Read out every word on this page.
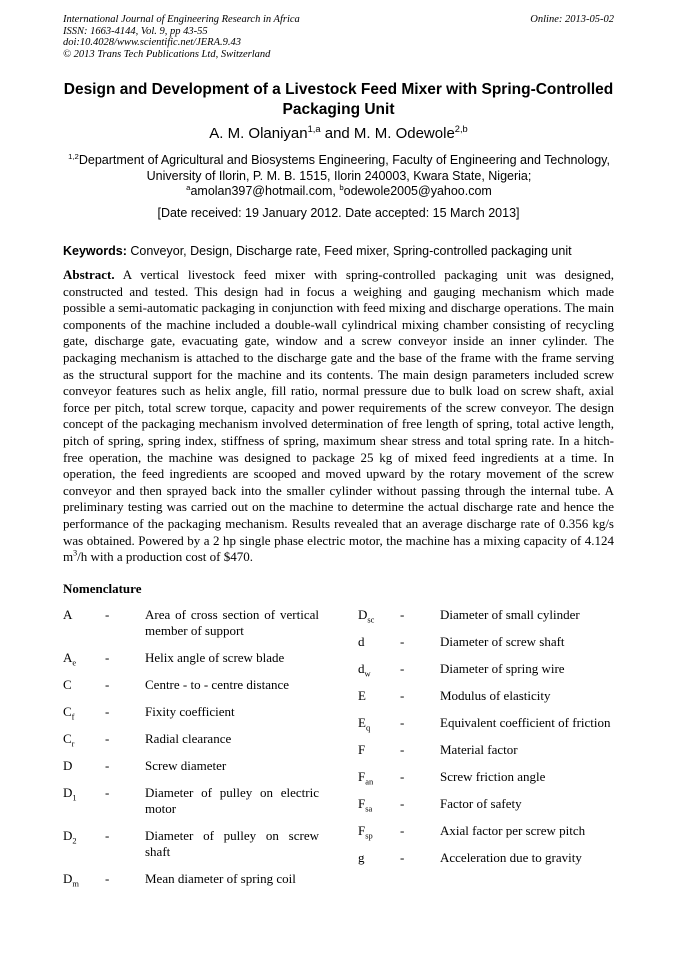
International Journal of Engineering Research in Africa
ISSN: 1663-4144, Vol. 9, pp 43-55
doi:10.4028/www.scientific.net/JERA.9.43
© 2013 Trans Tech Publications Ltd, Switzerland
Online: 2013-05-02
Design and Development of a Livestock Feed Mixer with Spring-Controlled Packaging Unit
A. M. Olaniyan$^{1,a}$ and M. M. Odewole$^{2,b}$
$^{1,2}$Department of Agricultural and Biosystems Engineering, Faculty of Engineering and Technology,
University of Ilorin, P. M. B. 1515, Ilorin 240003, Kwara State, Nigeria;
$^a$amolan397@hotmail.com, $^b$odewole2005@yahoo.com
[Date received: 19 January 2012. Date accepted: 15 March 2013]
Keywords: Conveyor, Design, Discharge rate, Feed mixer, Spring-controlled packaging unit
Abstract. A vertical livestock feed mixer with spring-controlled packaging unit was designed, constructed and tested. This design had in focus a weighing and gauging mechanism which made possible a semi-automatic packaging in conjunction with feed mixing and discharge operations. The main components of the machine included a double-wall cylindrical mixing chamber consisting of recycling gate, discharge gate, evacuating gate, window and a screw conveyor inside an inner cylinder. The packaging mechanism is attached to the discharge gate and the base of the frame with the frame serving as the structural support for the machine and its contents. The main design parameters included screw conveyor features such as helix angle, fill ratio, normal pressure due to bulk load on screw shaft, axial force per pitch, total screw torque, capacity and power requirements of the screw conveyor. The design concept of the packaging mechanism involved determination of free length of spring, total active length, pitch of spring, spring index, stiffness of spring, maximum shear stress and total spring rate. In a hitch-free operation, the machine was designed to package 25 kg of mixed feed ingredients at a time. In operation, the feed ingredients are scooped and moved upward by the rotary movement of the screw conveyor and then sprayed back into the smaller cylinder without passing through the internal tube. A preliminary testing was carried out on the machine to determine the actual discharge rate and hence the performance of the packaging mechanism. Results revealed that an average discharge rate of 0.356 kg/s was obtained. Powered by a 2 hp single phase electric motor, the machine has a mixing capacity of 4.124 $m^3/h$ with a production cost of $470.
Nomenclature
A	-	Area of cross section of vertical member of support
$A_e$	-	Helix angle of screw blade
C	-	Centre - to - centre distance
$C_f$	-	Fixity coefficient
$C_r$	-	Radial clearance
D	-	Screw diameter
$D_1$	-	Diameter of pulley on electric motor
$D_2$	-	Diameter of pulley on screw shaft
$D_m$	-	Mean diameter of spring coil
$D_{sc}$	-	Diameter of small cylinder
d	-	Diameter of screw shaft
$d_w$	-	Diameter of spring wire
E	-	Modulus of elasticity
$E_q$	-	Equivalent coefficient of friction
F	-	Material factor
$F_{an}$	-	Screw friction angle
$F_{sa}$	-	Factor of safety
$F_{sp}$	-	Axial factor per screw pitch
g	-	Acceleration due to gravity
